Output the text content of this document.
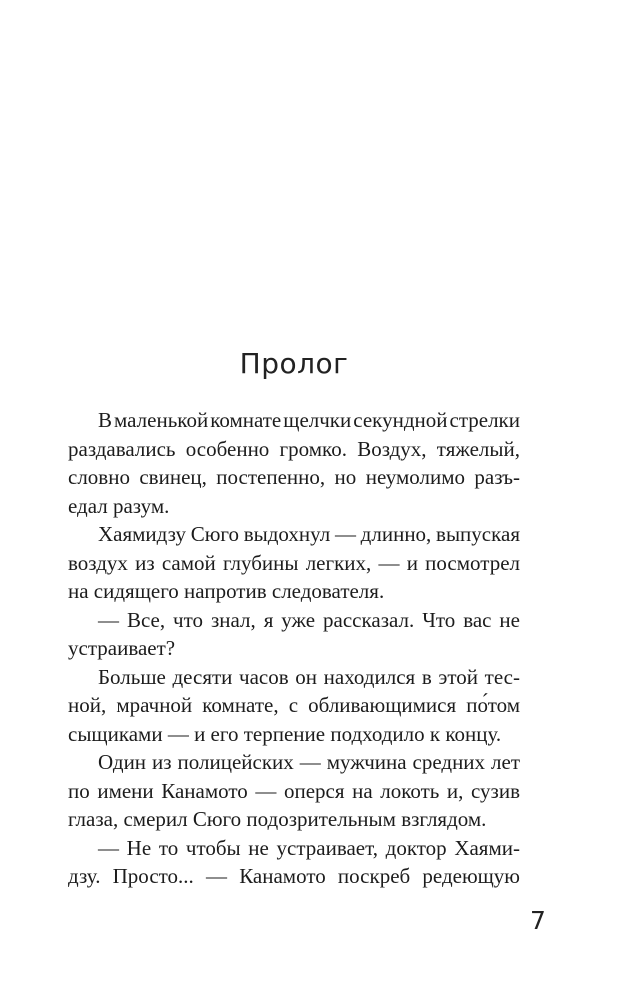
Пролог
В маленькой комнате щелчки секундной стрелки
раздавались особенно громко. Воздух, тяжелый,
словно свинец, постепенно, но неумолимо разъ-
едал разум.
Хаямидзу Сюго выдохнул — длинно, выпуская
воздух из самой глубины легких, — и посмотрел
на сидящего напротив следователя.
— Все, что знал, я уже рассказал. Что вас не
устраивает?
Больше десяти часов он находился в этой тес-
ной, мрачной комнате, с обливающимися по́том
сыщиками — и его терпение подходило к концу.
Один из полицейских — мужчина средних лет
по имени Канамото — оперся на локоть и, сузив
глаза, смерил Сюго подозрительным взглядом.
— Не то чтобы не устраивает, доктор Хаями-
дзу. Просто... — Канамото поскреб редеющую
7
